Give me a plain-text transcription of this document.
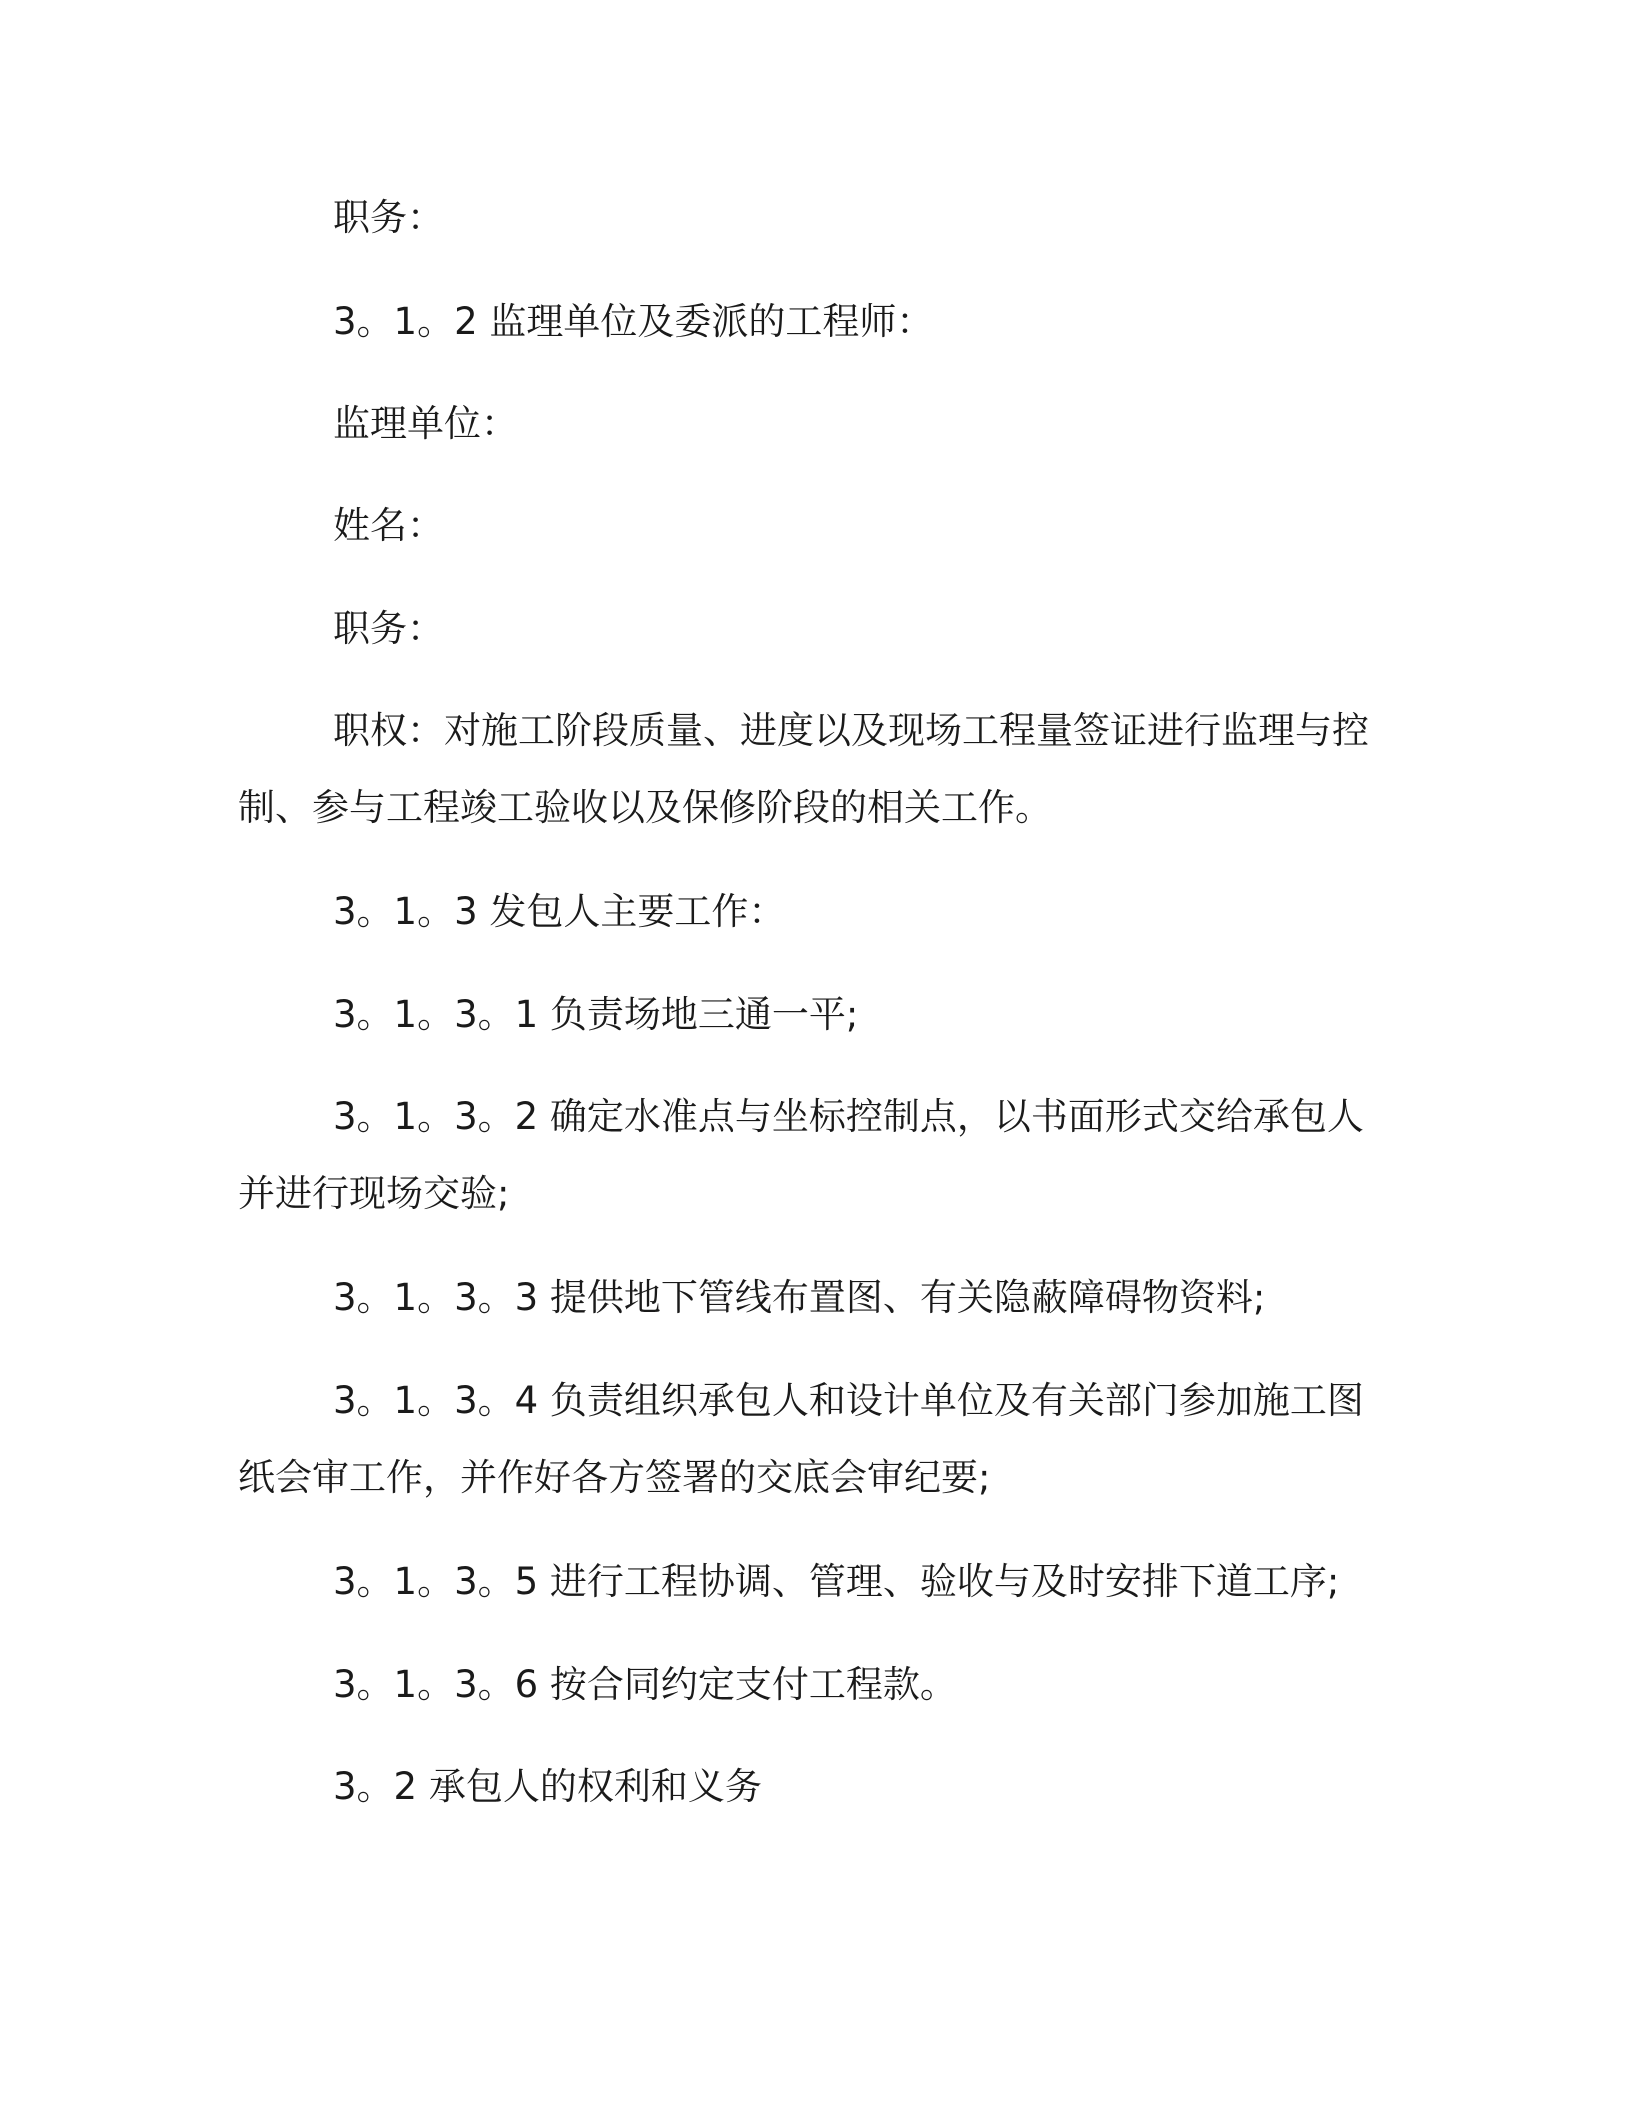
职务：
3。1。2 监理单位及委派的工程师：
监理单位：
姓名：
职务：
职权：对施工阶段质量、进度以及现场工程量签证进行监理与控
制、参与工程竣工验收以及保修阶段的相关工作。
3。1。3 发包人主要工作：
3。1。3。1 负责场地三通一平;
3。1。3。2 确定水准点与坐标控制点，以书面形式交给承包人
并进行现场交验;
3。1。3。3 提供地下管线布置图、有关隐蔽障碍物资料;
3。1。3。4 负责组织承包人和设计单位及有关部门参加施工图
纸会审工作，并作好各方签署的交底会审纪要;
3。1。3。5 进行工程协调、管理、验收与及时安排下道工序;
3。1。3。6 按合同约定支付工程款。
3。2 承包人的权利和义务
